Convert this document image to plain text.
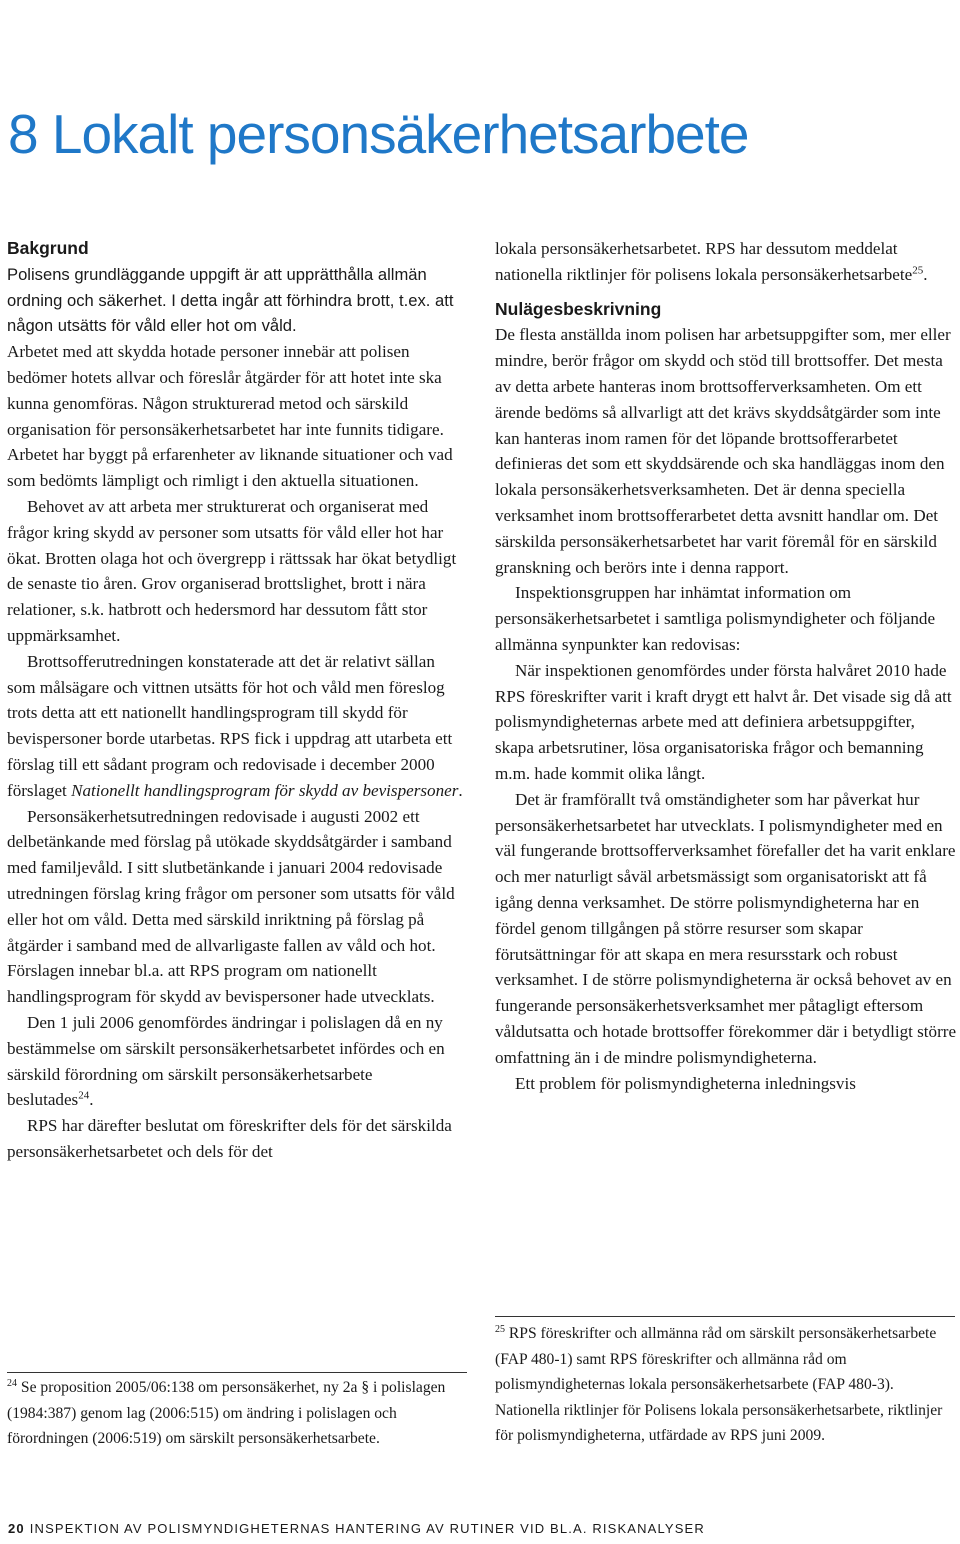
8 Lokalt personsäkerhetsarbete
Bakgrund

Polisens grundläggande uppgift är att upprätthålla allmän ordning och säkerhet. I detta ingår att förhindra brott, t.ex. att någon utsätts för våld eller hot om våld.

Arbetet med att skydda hotade personer innebär att polisen bedömer hotets allvar och föreslår åtgärder för att hotet inte ska kunna genomföras. Någon strukturerad metod och särskild organisation för personsäkerhetsarbetet har inte funnits tidigare. Arbetet har byggt på erfarenheter av liknande situationer och vad som bedömts lämpligt och rimligt i den aktuella situationen.

Behovet av att arbeta mer strukturerat och organiserat med frågor kring skydd av personer som utsatts för våld eller hot har ökat. Brotten olaga hot och övergrepp i rättssak har ökat betydligt de senaste tio åren. Grov organiserad brottslighet, brott i nära relationer, s.k. hatbrott och hedersmord har dessutom fått stor uppmärksamhet.

Brottsofferutredningen konstaterade att det är relativt sällan som målsägare och vittnen utsätts för hot och våld men föreslog trots detta att ett nationellt handlingsprogram till skydd för bevispersoner borde utarbetas. RPS fick i uppdrag att utarbeta ett förslag till ett sådant program och redovisade i december 2000 förslaget Nationellt handlingsprogram för skydd av bevispersoner.

Personsäkerhetsutredningen redovisade i augusti 2002 ett delbetänkande med förslag på utökade skyddsåtgärder i samband med familjevåld. I sitt slutbetänkande i januari 2004 redovisade utredningen förslag kring frågor om personer som utsatts för våld eller hot om våld. Detta med särskild inriktning på förslag på åtgärder i samband med de allvarligaste fallen av våld och hot. Förslagen innebar bl.a. att RPS program om nationellt handlingsprogram för skydd av bevispersoner hade utvecklats.

Den 1 juli 2006 genomfördes ändringar i polislagen då en ny bestämmelse om särskilt personsäkerhetsarbetet infördes och en särskild förordning om särskilt personsäkerhetsarbete beslutades$^{24}$.

RPS har därefter beslutat om föreskrifter dels för det särskilda personsäkerhetsarbetet och dels för det

lokala personsäkerhetsarbetet. RPS har dessutom meddelat nationella riktlinjer för polisens lokala personsäkerhetsarbete$^{25}$.

Nulägesbeskrivning

De flesta anställda inom polisen har arbetsuppgifter som, mer eller mindre, berör frågor om skydd och stöd till brottsoffer. Det mesta av detta arbete hanteras inom brottsofferverksamheten. Om ett ärende bedöms så allvarligt att det krävs skyddsåtgärder som inte kan hanteras inom ramen för det löpande brottsofferarbetet definieras det som ett skyddsärende och ska handläggas inom den lokala personsäkerhetsverksamheten. Det är denna speciella verksamhet inom brottsofferarbetet detta avsnitt handlar om. Det särskilda personsäkerhetsarbetet har varit föremål för en särskild granskning och berörs inte i denna rapport.

Inspektionsgruppen har inhämtat information om personsäkerhetsarbetet i samtliga polismyndigheter och följande allmänna synpunkter kan redovisas:

När inspektionen genomfördes under första halvåret 2010 hade RPS föreskrifter varit i kraft drygt ett halvt år. Det visade sig då att polismyndigheternas arbete med att definiera arbetsuppgifter, skapa arbetsrutiner, lösa organisatoriska frågor och bemanning m.m. hade kommit olika långt.

Det är framförallt två omständigheter som har påverkat hur personsäkerhetsarbetet har utvecklats. I polismyndigheter med en väl fungerande brottsofferverksamhet förefaller det ha varit enklare och mer naturligt såväl arbetsmässigt som organisatoriskt att få igång denna verksamhet. De större polismyndigheterna har en fördel genom tillgången på större resurser som skapar förutsättningar för att skapa en mera resursstark och robust verksamhet. I de större polismyndigheterna är också behovet av en fungerande personsäkerhetsverksamhet mer påtagligt eftersom våldutsatta och hotade brottsoffer förekommer där i betydligt större omfattning än i de mindre polismyndigheterna.

Ett problem för polismyndigheterna inledningsvis

$^{24}$ Se proposition 2005/06:138 om personsäkerhet, ny 2a § i polislagen (1984:387) genom lag (2006:515) om ändring i polislagen och förordningen (2006:519) om särskilt personsäkerhetsarbete.
$^{25}$ RPS föreskrifter och allmänna råd om särskilt personsäkerhetsarbete (FAP 480-1) samt RPS föreskrifter och allmänna råd om polismyndigheternas lokala personsäkerhetsarbete (FAP 480-3). Nationella riktlinjer för Polisens lokala personsäkerhetsarbete, riktlinjer för polismyndigheterna, utfärdade av RPS juni 2009.
20 INSPEKTION AV POLISMYNDIGHETERNAS HANTERING AV RUTINER VID BL.A. RISKANALYSER
